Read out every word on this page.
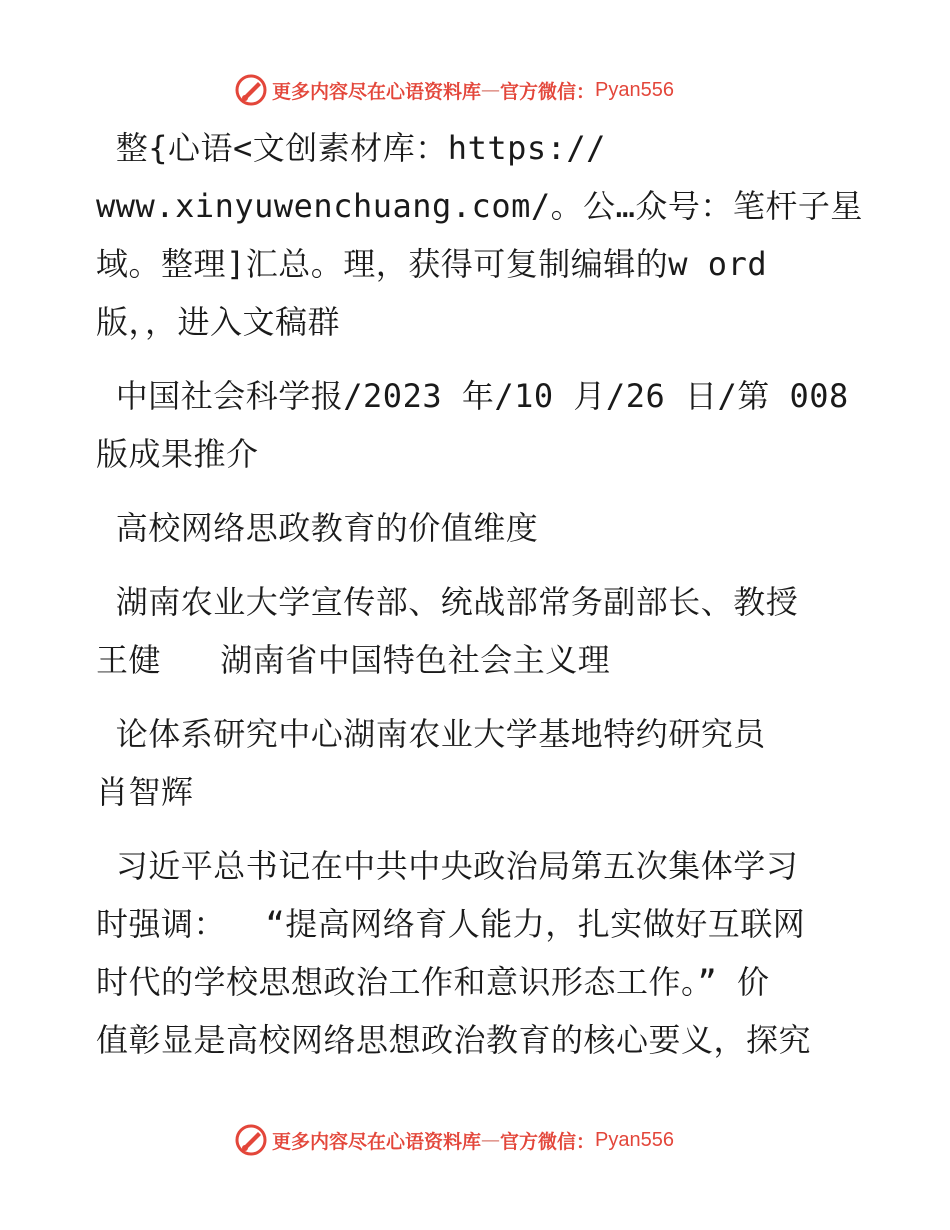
更多内容尽在心语资料库 — 官方微信： Pyan556
整{心语<文创素材库：https://
www.xinyuwenchuang.com/。公…众号：笔杆子星
域。整理]汇总。理，获得可复制编辑的w ord
版，，进入文稿群
中国社会科学报/2023 年/10 月/26 日/第 008
版成果推介
高校网络思政教育的价值维度
湖南农业大学宣传部、统战部常务副部长、教授
王健   湖南省中国特色社会主义理
论体系研究中心湖南农业大学基地特约研究员
肖智辉
习近平总书记在中共中央政治局第五次集体学习
时强调：  “提高网络育人能力，扎实做好互联网
时代的学校思想政治工作和意识形态工作。” 价
值彰显是高校网络思想政治教育的核心要义，探究
更多内容尽在心语资料库 — 官方微信： Pyan556
